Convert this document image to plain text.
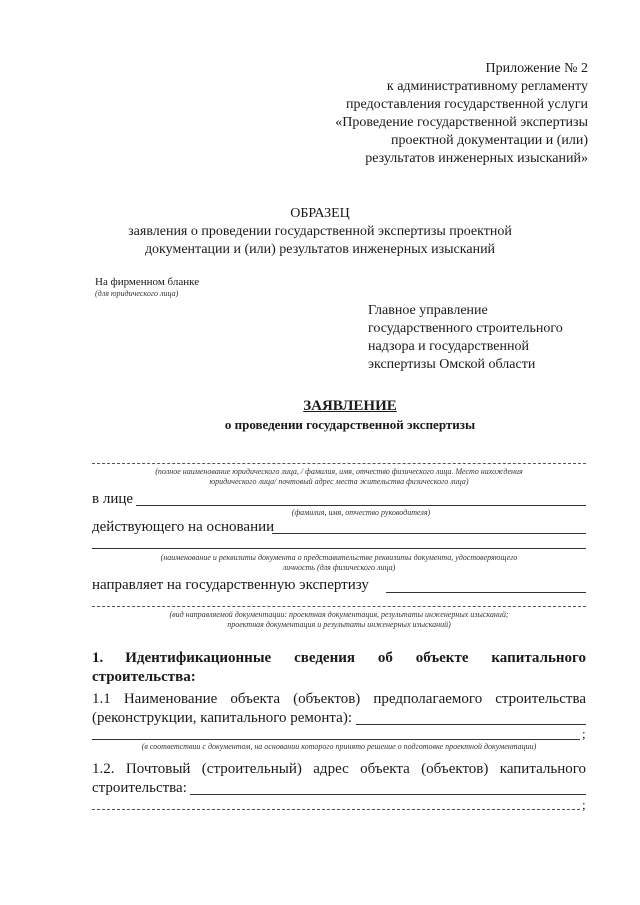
Приложение № 2
к административному регламенту
предоставления государственной услуги
«Проведение государственной экспертизы
проектной документации и (или)
результатов инженерных изысканий»
ОБРАЗЕЦ
заявления о проведении государственной экспертизы проектной
документации и (или) результатов инженерных изысканий
На фирменном бланке
(для юридического лица)
Главное управление
государственного строительного
надзора и государственной
экспертизы Омской области
ЗАЯВЛЕНИЕ
о проведении государственной экспертизы
(полное наименование юридического лица, / фамилия, имя, отчество физического лица. Место нахождения
юридического лица/ почтовый адрес места жительства физического лица)
в лице
(фамилия, имя, отчество руководителя)
действующего на основании
(наименование и реквизиты документа о представительстве реквизиты документа, удостоверяющего
личность (для физического лица)
направляет на государственную экспертизу
(вид направляемой документации: проектная документация, результаты инженерных изысканий;
проектная документация и результаты инженерных изысканий)
1. Идентификационные сведения об объекте капитального
строительства:
1.1 Наименование объекта (объектов) предполагаемого строительства
(реконструкции, капитального ремонта):
;
(в соответствии с документом, на основании которого принято решение о подготовке проектной документации)
1.2. Почтовый (строительный) адрес объекта (объектов) капитального
строительства:
;
